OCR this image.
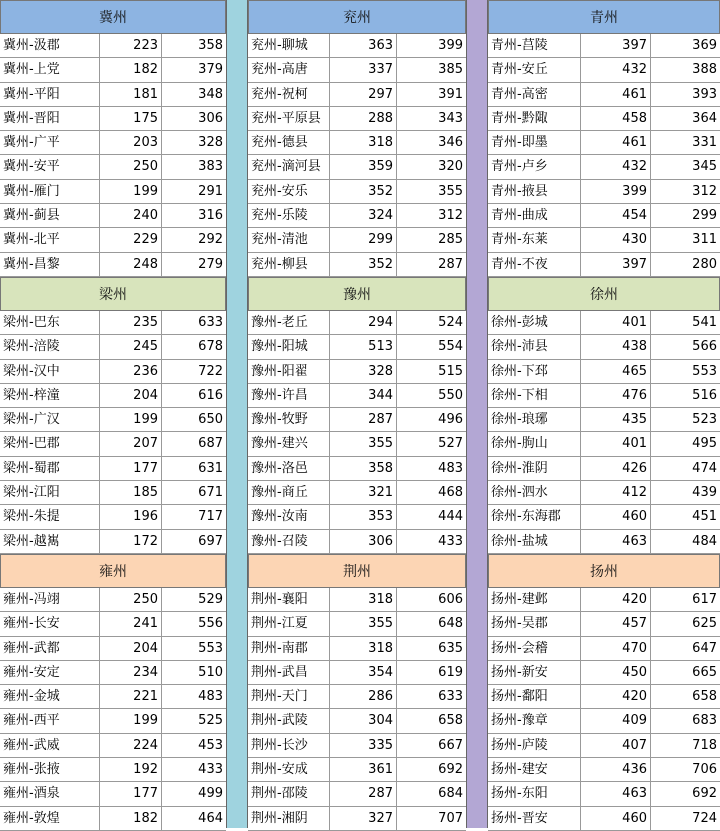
冀州
冀州-汲郡	223	358
冀州-上党	182	379
冀州-平阳	181	348
冀州-晋阳	175	306
冀州-广平	203	328
冀州-安平	250	383
冀州-雁门	199	291
冀州-蓟县	240	316
冀州-北平	229	292
冀州-昌黎	248	279
梁州
梁州-巴东	235	633
梁州-涪陵	245	678
梁州-汉中	236	722
梁州-梓潼	204	616
梁州-广汉	199	650
梁州-巴郡	207	687
梁州-蜀郡	177	631
梁州-江阳	185	671
梁州-朱提	196	717
梁州-越嶲	172	697
雍州
雍州-冯翊	250	529
雍州-长安	241	556
雍州-武都	204	553
雍州-安定	234	510
雍州-金城	221	483
雍州-西平	199	525
雍州-武威	224	453
雍州-张掖	192	433
雍州-酒泉	177	499
雍州-敦煌	182	464
兖州
兖州-聊城	363	399
兖州-高唐	337	385
兖州-祝柯	297	391
兖州-平原县	288	343
兖州-德县	318	346
兖州-滴河县	359	320
兖州-安乐	352	355
兖州-乐陵	324	312
兖州-清池	299	285
兖州-柳县	352	287
豫州
豫州-老丘	294	524
豫州-阳城	513	554
豫州-阳翟	328	515
豫州-许昌	344	550
豫州-牧野	287	496
豫州-建兴	355	527
豫州-洛邑	358	483
豫州-商丘	321	468
豫州-汝南	353	444
豫州-召陵	306	433
荆州
荆州-襄阳	318	606
荆州-江夏	355	648
荆州-南郡	318	635
荆州-武昌	354	619
荆州-天门	286	633
荆州-武陵	304	658
荆州-长沙	335	667
荆州-安成	361	692
荆州-邵陵	287	684
荆州-湘阴	327	707
青州
青州-莒陵	397	369
青州-安丘	432	388
青州-高密	461	393
青州-黔陬	458	364
青州-即墨	461	331
青州-卢乡	432	345
青州-掖县	399	312
青州-曲成	454	299
青州-东莱	430	311
青州-不夜	397	280
徐州
徐州-彭城	401	541
徐州-沛县	438	566
徐州-下邳	465	553
徐州-下相	476	516
徐州-琅琊	435	523
徐州-朐山	401	495
徐州-淮阴	426	474
徐州-泗水	412	439
徐州-东海郡	460	451
徐州-盐城	463	484
扬州
扬州-建邺	420	617
扬州-吴郡	457	625
扬州-会稽	470	647
扬州-新安	450	665
扬州-鄱阳	420	658
扬州-豫章	409	683
扬州-庐陵	407	718
扬州-建安	436	706
扬州-东阳	463	692
扬州-晋安	460	724
